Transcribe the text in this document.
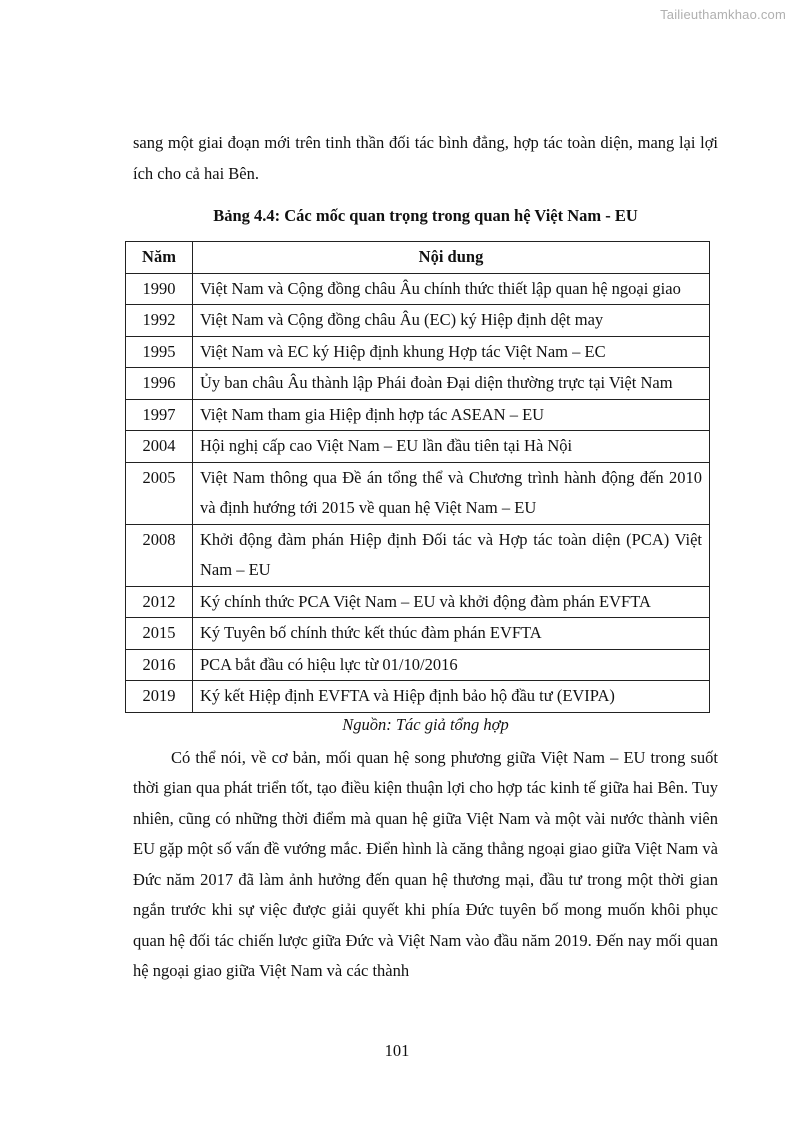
Tailieuthamkhao.com

sang một giai đoạn mới trên tinh thần đối tác bình đẳng, hợp tác toàn diện, mang lại lợi ích cho cả hai Bên.

Bảng 4.4: Các mốc quan trọng trong quan hệ Việt Nam - EU
Năm	Nội dung
1990	Việt Nam và Cộng đồng châu Âu chính thức thiết lập quan hệ ngoại giao
1992	Việt Nam và Cộng đồng châu Âu (EC) ký Hiệp định dệt may
1995	Việt Nam và EC ký Hiệp định khung Hợp tác Việt Nam – EC
1996	Ủy ban châu Âu thành lập Phái đoàn Đại diện thường trực tại Việt Nam
1997	Việt Nam tham gia Hiệp định hợp tác ASEAN – EU
2004	Hội nghị cấp cao Việt Nam – EU lần đầu tiên tại Hà Nội
2005	Việt Nam thông qua Đề án tổng thể và Chương trình hành động đến 2010 và định hướng tới 2015 về quan hệ Việt Nam – EU
2008	Khởi động đàm phán Hiệp định Đối tác và Hợp tác toàn diện (PCA) Việt Nam – EU
2012	Ký chính thức PCA Việt Nam – EU và khởi động đàm phán EVFTA
2015	Ký Tuyên bố chính thức kết thúc đàm phán EVFTA
2016	PCA bắt đầu có hiệu lực từ 01/10/2016
2019	Ký kết Hiệp định EVFTA và Hiệp định bảo hộ đầu tư (EVIPA)
Nguồn: Tác giả tổng hợp

Có thể nói, về cơ bản, mối quan hệ song phương giữa Việt Nam – EU trong suốt thời gian qua phát triển tốt, tạo điều kiện thuận lợi cho hợp tác kinh tế giữa hai Bên. Tuy nhiên, cũng có những thời điểm mà quan hệ giữa Việt Nam và một vài nước thành viên EU gặp một số vấn đề vướng mắc. Điển hình là căng thẳng ngoại giao giữa Việt Nam và Đức năm 2017 đã làm ảnh hưởng đến quan hệ thương mại, đầu tư trong một thời gian ngắn trước khi sự việc được giải quyết khi phía Đức tuyên bố mong muốn khôi phục quan hệ đối tác chiến lược giữa Đức và Việt Nam vào đầu năm 2019. Đến nay mối quan hệ ngoại giao giữa Việt Nam và các thành

101
